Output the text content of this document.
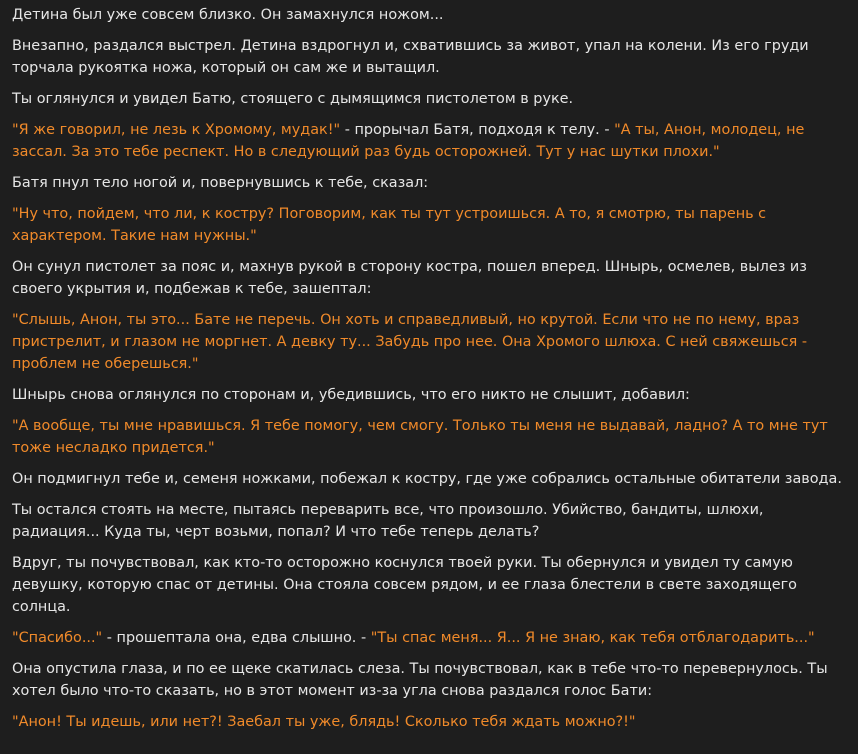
Детина был уже совсем близко. Он замахнулся ножом...

Внезапно, раздался выстрел. Детина вздрогнул и, схватившись за живот, упал на колени. Из его груди торчала рукоятка ножа, который он сам же и вытащил.

Ты оглянулся и увидел Батю, стоящего с дымящимся пистолетом в руке.

"Я же говорил, не лезь к Хромому, мудак!" - прорычал Батя, подходя к телу. - "А ты, Анон, молодец, не зассал. За это тебе респект. Но в следующий раз будь осторожней. Тут у нас шутки плохи."

Батя пнул тело ногой и, повернувшись к тебе, сказал:

"Ну что, пойдем, что ли, к костру? Поговорим, как ты тут устроишься. А то, я смотрю, ты парень с характером. Такие нам нужны."

Он сунул пистолет за пояс и, махнув рукой в сторону костра, пошел вперед. Шнырь, осмелев, вылез из своего укрытия и, подбежав к тебе, зашептал:

"Слышь, Анон, ты это... Бате не перечь. Он хоть и справедливый, но крутой. Если что не по нему, враз пристрелит, и глазом не моргнет. А девку ту... Забудь про нее. Она Хромого шлюха. С ней свяжешься - проблем не оберешься."

Шнырь снова оглянулся по сторонам и, убедившись, что его никто не слышит, добавил:

"А вообще, ты мне нравишься. Я тебе помогу, чем смогу. Только ты меня не выдавай, ладно? А то мне тут тоже несладко придется."

Он подмигнул тебе и, семеня ножками, побежал к костру, где уже собрались остальные обитатели завода.

Ты остался стоять на месте, пытаясь переварить все, что произошло. Убийство, бандиты, шлюхи, радиация... Куда ты, черт возьми, попал? И что тебе теперь делать?

Вдруг, ты почувствовал, как кто-то осторожно коснулся твоей руки. Ты обернулся и увидел ту самую девушку, которую спас от детины. Она стояла совсем рядом, и ее глаза блестели в свете заходящего солнца.

"Спасибо..." - прошептала она, едва слышно. - "Ты спас меня... Я... Я не знаю, как тебя отблагодарить..."

Она опустила глаза, и по ее щеке скатилась слеза. Ты почувствовал, как в тебе что-то перевернулось. Ты хотел было что-то сказать, но в этот момент из-за угла снова раздался голос Бати:

"Анон! Ты идешь, или нет?! Заебал ты уже, блядь! Сколько тебя ждать можно?!"
